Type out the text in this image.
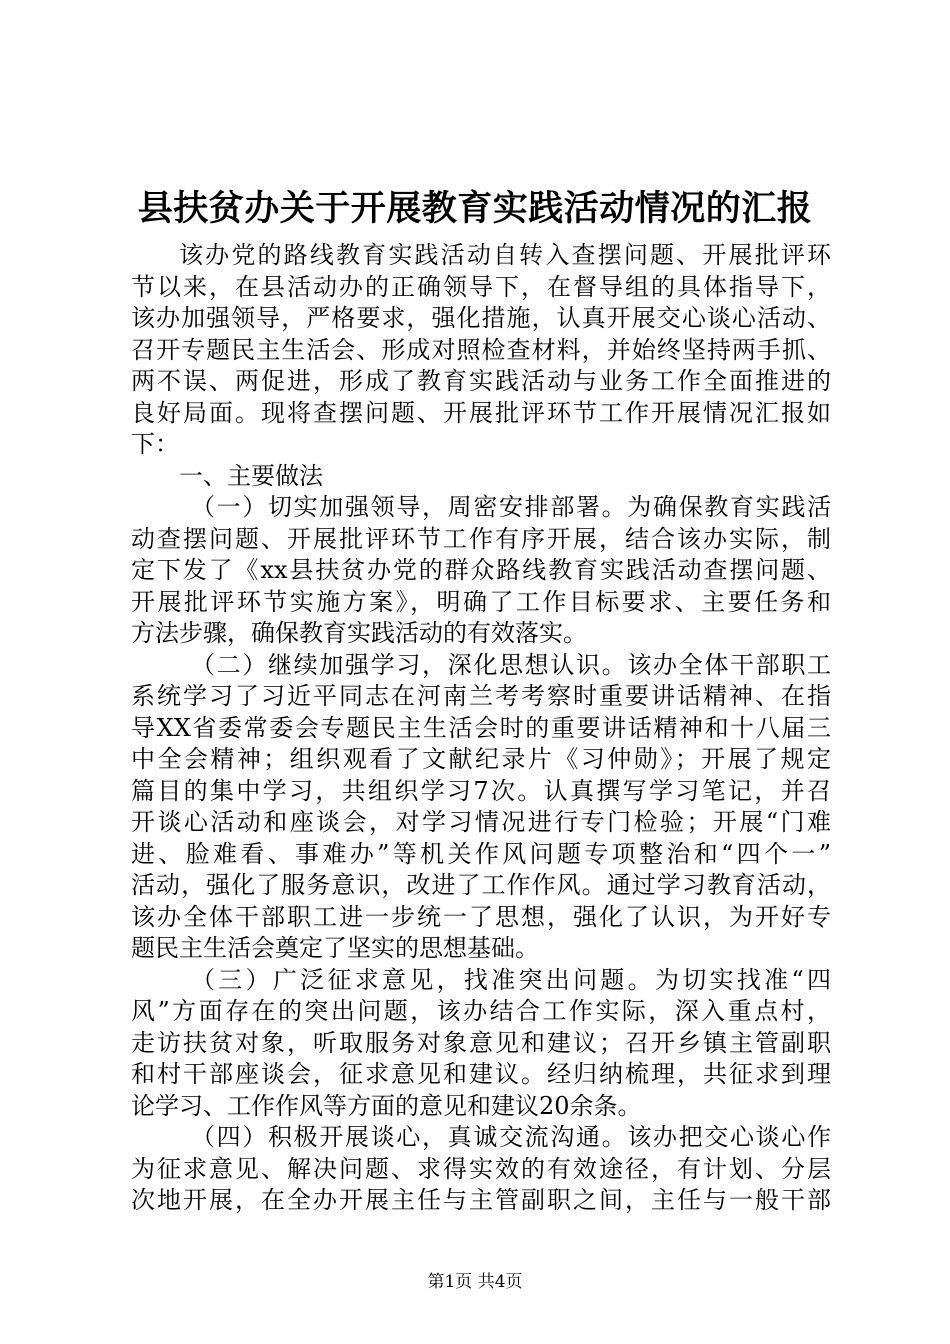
县扶贫办关于开展教育实践活动情况的汇报
该办党的路线教育实践活动自转入查摆问题、开展批评环
节以来，在县活动办的正确领导下，在督导组的具体指导下，
该办加强领导，严格要求，强化措施，认真开展交心谈心活动、
召开专题民主生活会、形成对照检查材料，并始终坚持两手抓、
两不误、两促进，形成了教育实践活动与业务工作全面推进的
良好局面。现将查摆问题、开展批评环节工作开展情况汇报如
下：
一、主要做法
（一）切实加强领导，周密安排部署。为确保教育实践活
动查摆问题、开展批评环节工作有序开展，结合该办实际，制
定下发了《xx县扶贫办党的群众路线教育实践活动查摆问题、
开展批评环节实施方案》，明确了工作目标要求、主要任务和
方法步骤，确保教育实践活动的有效落实。
（二）继续加强学习，深化思想认识。该办全体干部职工
系统学习了习近平同志在河南兰考考察时重要讲话精神、在指
导XX省委常委会专题民主生活会时的重要讲话精神和十八届三
中全会精神；组织观看了文献纪录片《习仲勋》；开展了规定
篇目的集中学习，共组织学习7次。认真撰写学习笔记，并召
开谈心活动和座谈会，对学习情况进行专门检验；开展“门难
进、脸难看、事难办”等机关作风问题专项整治和“四个一”
活动，强化了服务意识，改进了工作作风。通过学习教育活动，
该办全体干部职工进一步统一了思想，强化了认识，为开好专
题民主生活会奠定了坚实的思想基础。
（三）广泛征求意见，找准突出问题。为切实找准“四
风”方面存在的突出问题，该办结合工作实际，深入重点村，
走访扶贫对象，听取服务对象意见和建议；召开乡镇主管副职
和村干部座谈会，征求意见和建议。经归纳梳理，共征求到理
论学习、工作作风等方面的意见和建议20余条。
（四）积极开展谈心，真诚交流沟通。该办把交心谈心作
为征求意见、解决问题、求得实效的有效途径，有计划、分层
次地开展，在全办开展主任与主管副职之间，主任与一般干部
第1页 共4页
